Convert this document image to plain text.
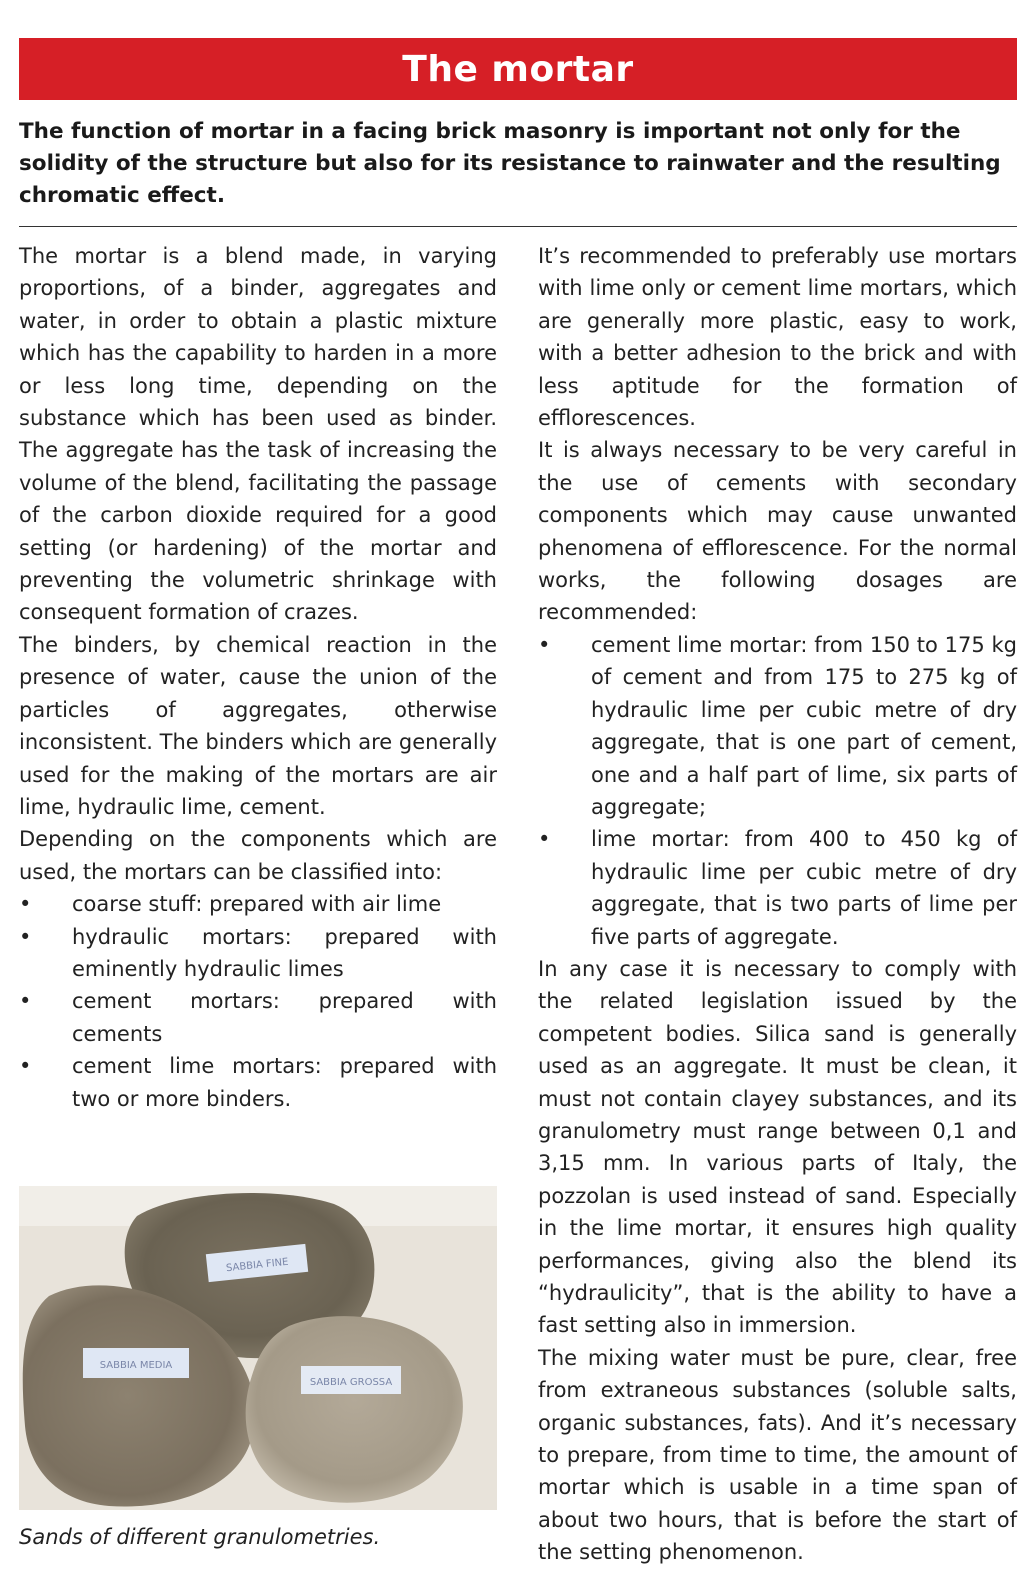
The mortar

The function of mortar in a facing brick masonry is important not only for the solidity of the structure but also for its resistance to rainwater and the resulting chromatic effect.

The mortar is a blend made, in varying proportions, of a binder, aggregates and water, in order to obtain a plastic mixture which has the capability to harden in a more or less long time, depending on the substance which has been used as binder. The aggregate has the task of increasing the volume of the blend, facilitating the passage of the carbon dioxide required for a good setting (or hardening) of the mortar and preventing the volumetric shrinkage with consequent formation of crazes.

The binders, by chemical reaction in the presence of water, cause the union of the particles of aggregates, otherwise inconsistent. The binders which are generally used for the making of the mortars are air lime, hydraulic lime, cement.

Depending on the components which are used, the mortars can be classified into:

•	coarse stuff: prepared with air lime
•	hydraulic mortars: prepared with eminently hydraulic limes
•	cement mortars: prepared with cements
•	cement lime mortars: prepared with two or more binders.
SABBIA FINE
SABBIA MEDIA
SABBIA GROSSA

Sands of different granulometries.

It’s recommended to preferably use mortars with lime only or cement lime mortars, which are generally more plastic, easy to work, with a better adhesion to the brick and with less aptitude for the formation of efflorescences.

It is always necessary to be very careful in the use of cements with secondary components which may cause unwanted phenomena of efflorescence. For the normal works, the following dosages are recommended:

•	cement lime mortar: from 150 to 175 kg of cement and from 175 to 275 kg of hydraulic lime per cubic metre of dry aggregate, that is one part of cement, one and a half part of lime, six parts of aggregate;
•	lime mortar: from 400 to 450 kg of hydraulic lime per cubic metre of dry aggregate, that is two parts of lime per five parts of aggregate.

In any case it is necessary to comply with the related legislation issued by the competent bodies. Silica sand is generally used as an aggregate. It must be clean, it must not contain clayey substances, and its granulometry must range between 0,1 and 3,15 mm. In various parts of Italy, the pozzolan is used instead of sand. Especially in the lime mortar, it ensures high quality performances, giving also the blend its “hydraulicity”, that is the ability to have a fast setting also in immersion.

The mixing water must be pure, clear, free from extraneous substances (soluble salts, organic substances, fats). And it’s necessary to prepare, from time to time, the amount of mortar which is usable in a time span of about two hours, that is before the start of the setting phenomenon.
